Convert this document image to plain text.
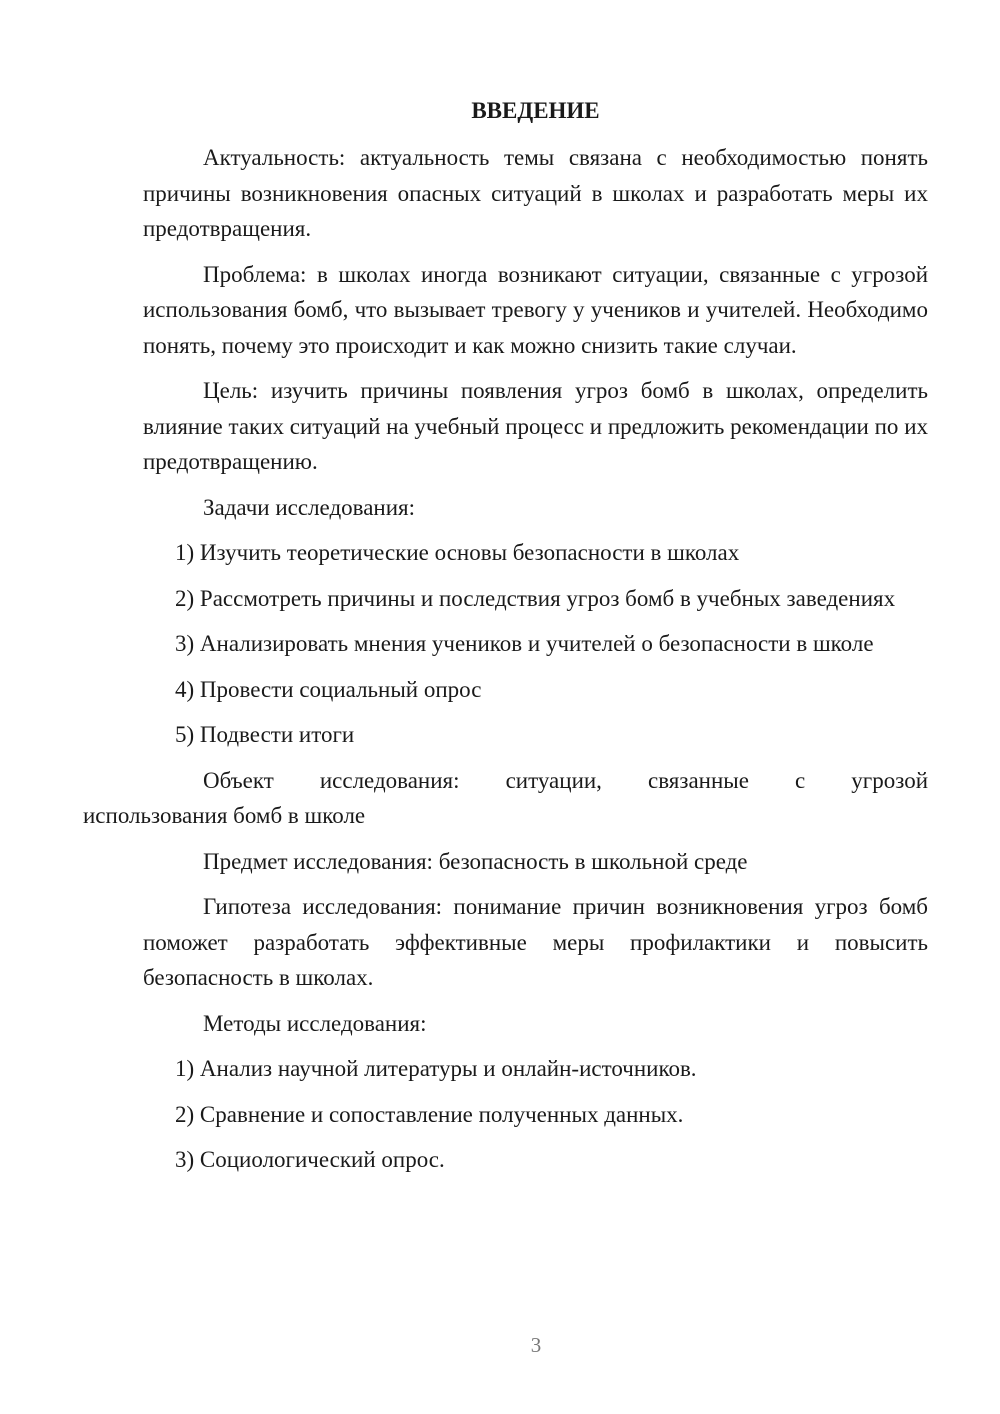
ВВЕДЕНИЕ

Актуальность: актуальность темы связана с необходимостью понять причины возникновения опасных ситуаций в школах и разработать меры их предотвращения.

Проблема: в школах иногда возникают ситуации, связанные с угрозой использования бомб, что вызывает тревогу у учеников и учителей. Необходимо понять, почему это происходит и как можно снизить такие случаи.

Цель: изучить причины появления угроз бомб в школах, определить влияние таких ситуаций на учебный процесс и предложить рекомендации по их предотвращению.

Задачи исследования:

1) Изучить теоретические основы безопасности в школах

2) Рассмотреть причины и последствия угроз бомб в учебных заведениях

3) Анализировать мнения учеников и учителей о безопасности в школе

4) Провести социальный опрос

5) Подвести итоги

Объект исследования: ситуации, связанные с угрозой
использования бомб в школе

Предмет исследования: безопасность в школьной среде

Гипотеза исследования: понимание причин возникновения угроз бомб поможет разработать эффективные меры профилактики и повысить безопасность в школах.

Методы исследования:

1) Анализ научной литературы и онлайн-источников.

2) Сравнение и сопоставление полученных данных.

3) Социологический опрос.

3
